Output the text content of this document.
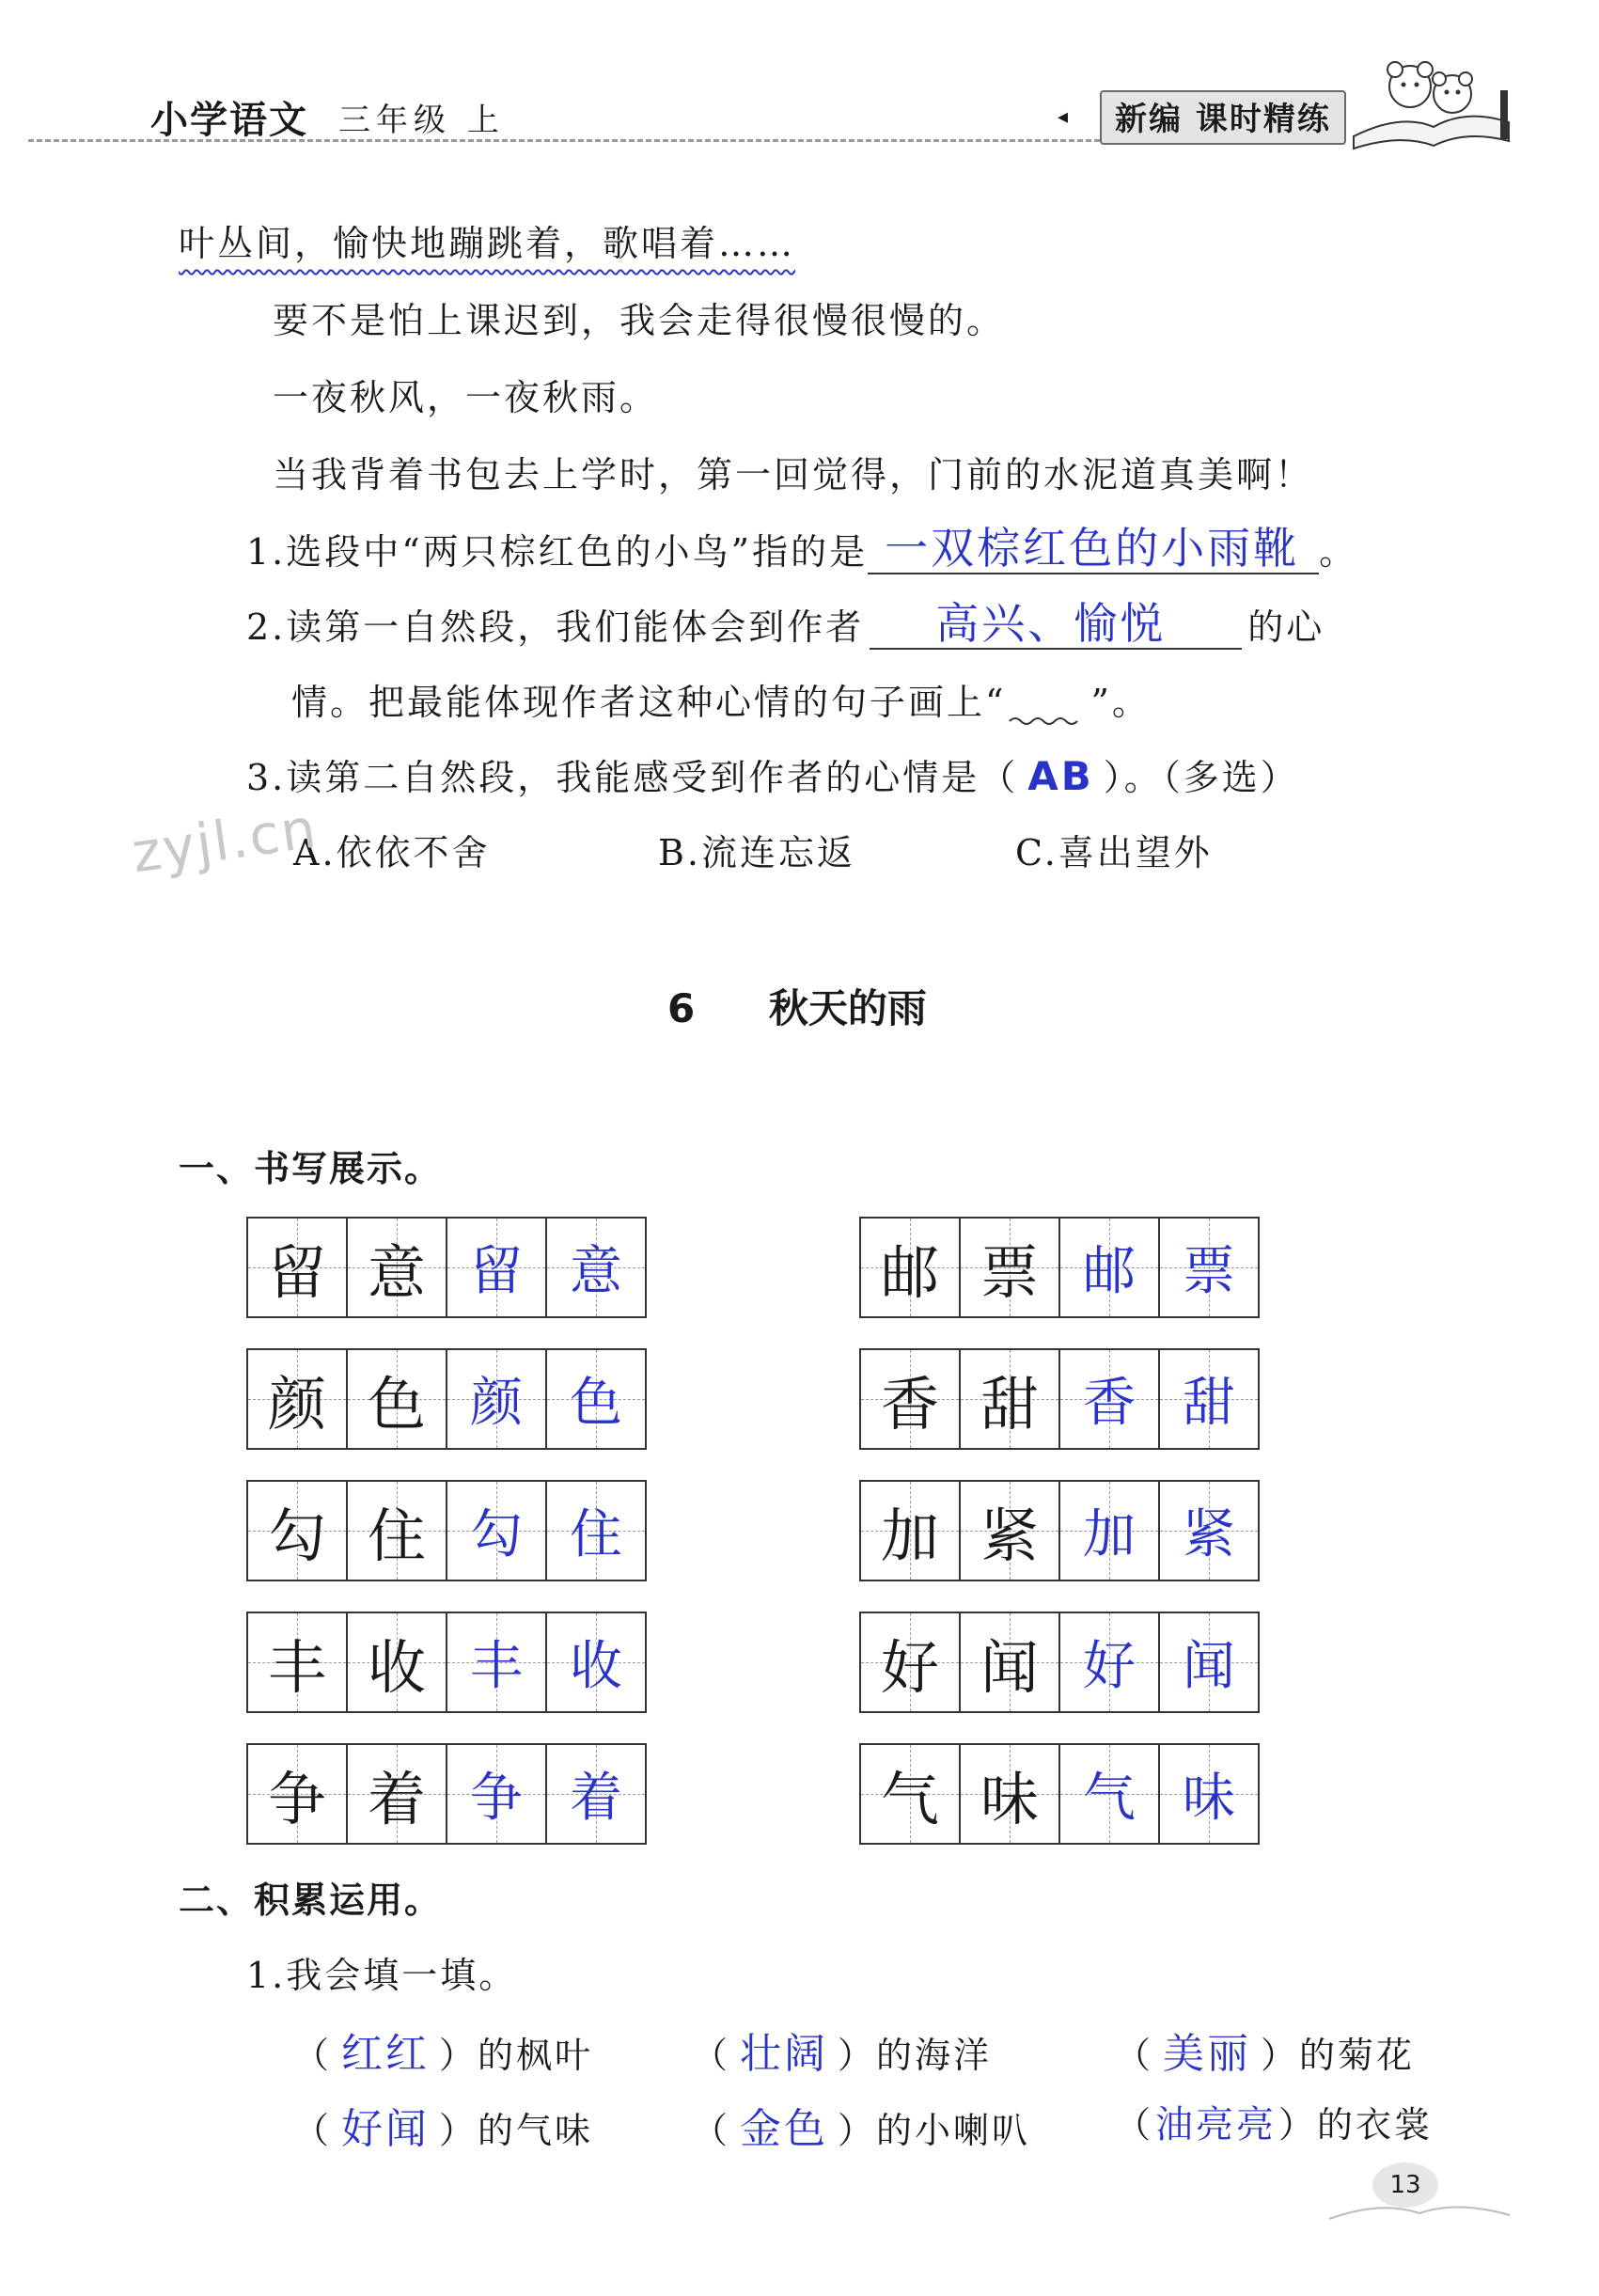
小学语文 三年级 上	◂	新编 课时精练
叶丛间，愉快地蹦跳着，歌唱着……
要不是怕上课迟到，我会走得很慢很慢的。
一夜秋风，一夜秋雨。
当我背着书包去上学时，第一回觉得，门前的水泥道真美啊！
1.选段中“两只棕红色的小鸟”指的是 一双棕红色的小雨靴 。
2.读第一自然段，我们能体会到作者 高兴、愉悦 的心
情。把最能体现作者这种心情的句子画上“ ”。
3.读第二自然段，我能感受到作者的心情是（ AB ）。（多选）
A.依依不舍	B.流连忘返	C.喜出望外
zyjl.cn
6 秋天的雨
一、书写展示。
留 意 留 意
颜 色 颜 色
勾 住 勾 住
丰 收 丰 收
争 着 争 着
邮 票 邮 票
香 甜 香 甜
加 紧 加 紧
好 闻 好 闻
气 味 气 味
二、积累运用。
1.我会填一填。
（ 红红 ）的枫叶	（ 壮阔 ）的海洋	（ 美丽 ）的菊花
（ 好闻 ）的气味	（ 金色 ）的小喇叭 （油亮亮）的衣裳
13
